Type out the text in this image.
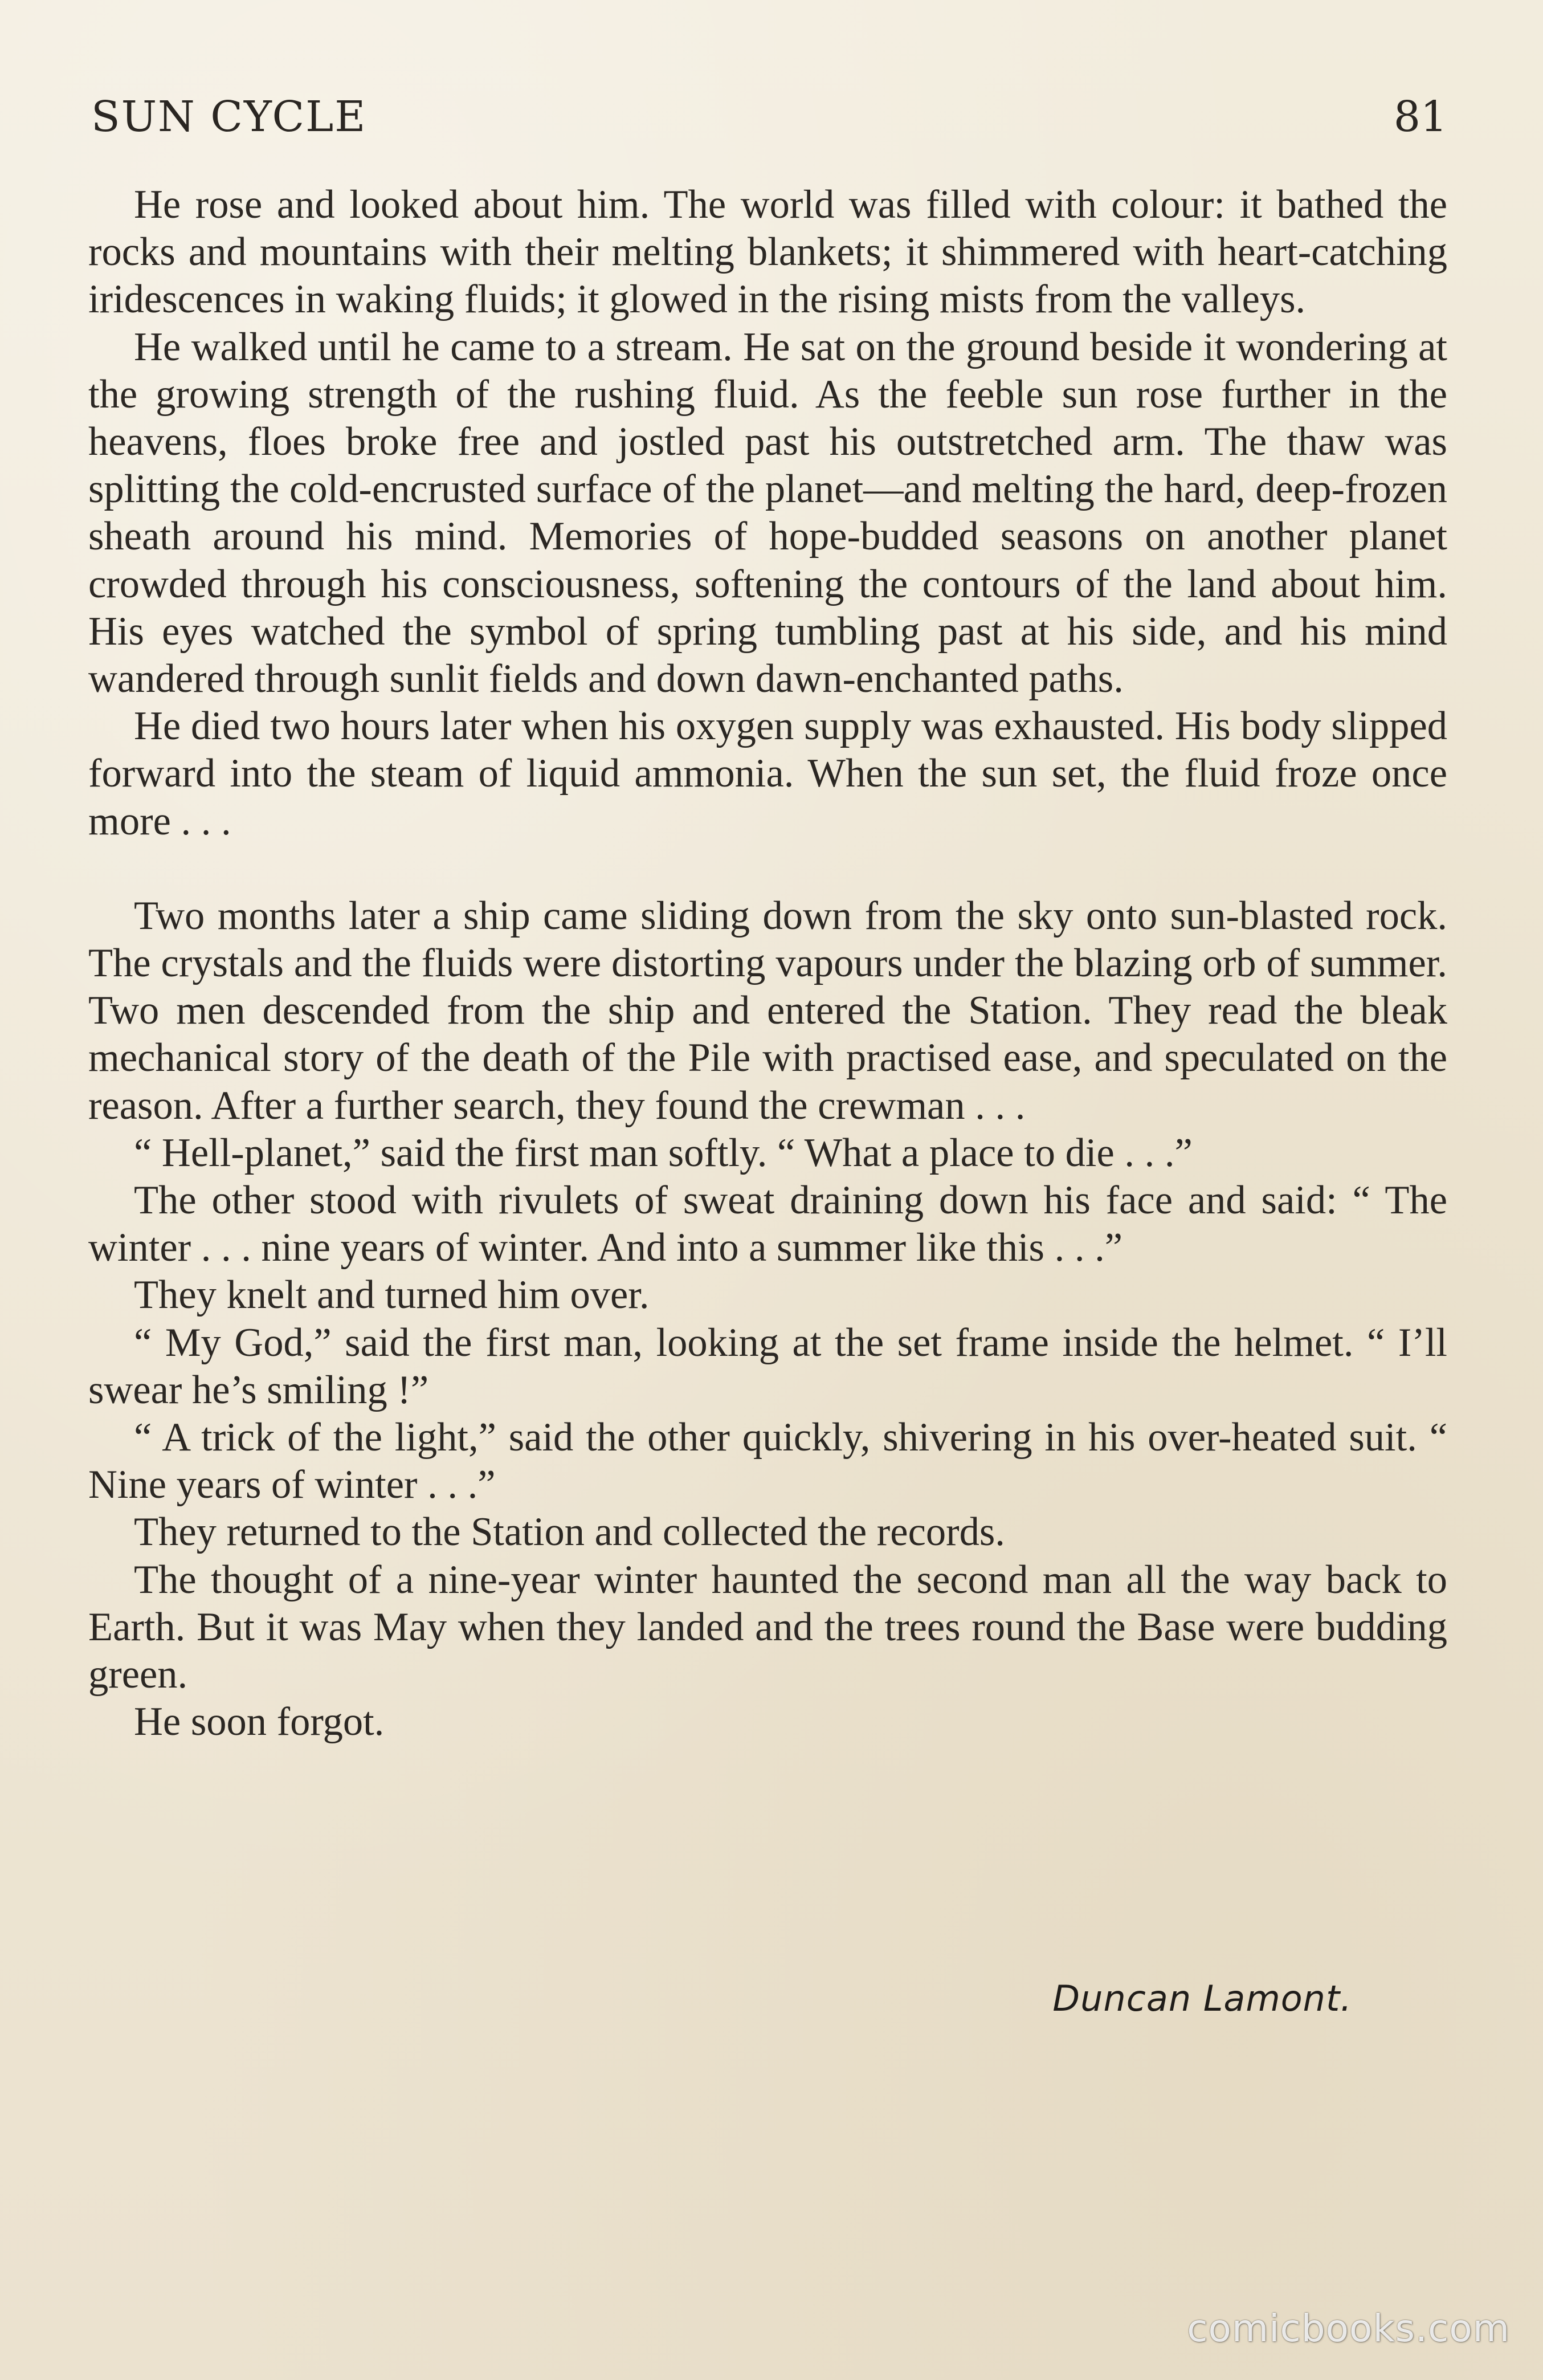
SUN CYCLE	81

He rose and looked about him. The world was filled with colour: it bathed the rocks and mountains with their melting blankets; it shimmered with heart-catching iridescences in waking fluids; it glowed in the rising mists from the valleys.

He walked until he came to a stream. He sat on the ground beside it wondering at the growing strength of the rushing fluid. As the feeble sun rose further in the heavens, floes broke free and jostled past his outstretched arm. The thaw was splitting the cold-encrusted surface of the planet—and melting the hard, deep-frozen sheath around his mind. Memories of hope-budded seasons on another planet crowded through his consciousness, softening the contours of the land about him. His eyes watched the symbol of spring tumbling past at his side, and his mind wandered through sunlit fields and down dawn-enchanted paths.

He died two hours later when his oxygen supply was exhausted. His body slipped forward into the steam of liquid ammonia. When the sun set, the fluid froze once more . . .

Two months later a ship came sliding down from the sky onto sun-blasted rock. The crystals and the fluids were distorting vapours under the blazing orb of summer. Two men descended from the ship and entered the Station. They read the bleak mechanical story of the death of the Pile with practised ease, and speculated on the reason. After a further search, they found the crewman . . .

“ Hell-planet,” said the first man softly. “ What a place to die . . .”

The other stood with rivulets of sweat draining down his face and said: “ The winter . . . nine years of winter. And into a summer like this . . .”

They knelt and turned him over.

“ My God,” said the first man, looking at the set frame inside the helmet. “ I’ll swear he’s smiling !”

“ A trick of the light,” said the other quickly, shivering in his over-heated suit. “ Nine years of winter . . .”

They returned to the Station and collected the records.

The thought of a nine-year winter haunted the second man all the way back to Earth. But it was May when they landed and the trees round the Base were budding green.

He soon forgot.

Duncan Lamont.
comicbooks.com
